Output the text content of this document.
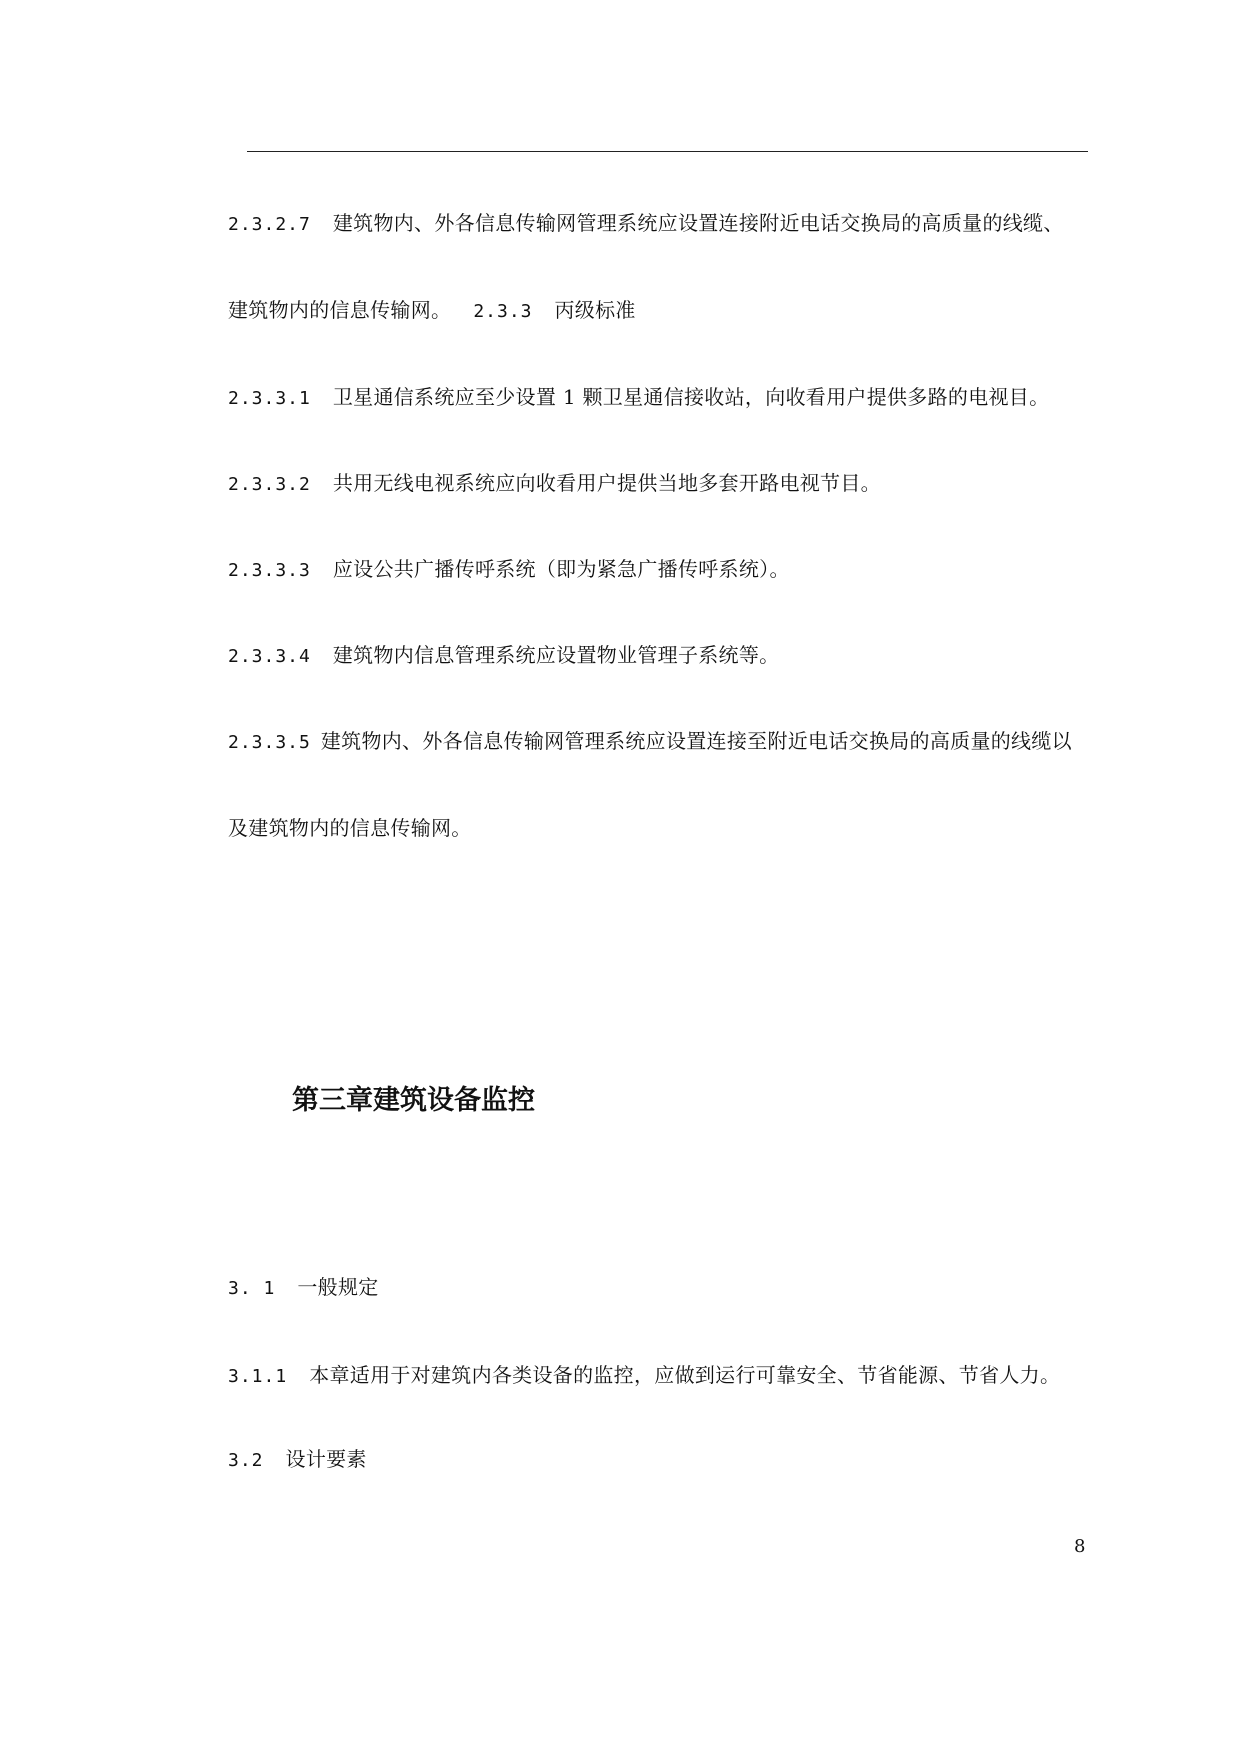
2.3.2.7 建筑物内、外各信息传输网管理系统应设置连接附近电话交换局的高质量的线缆、
建筑物内的信息传输网。 2.3.3 丙级标准
2.3.3.1 卫星通信系统应至少设置 1 颗卫星通信接收站，向收看用户提供多路的电视目。
2.3.3.2 共用无线电视系统应向收看用户提供当地多套开路电视节目。
2.3.3.3 应设公共广播传呼系统（即为紧急广播传呼系统）。
2.3.3.4 建筑物内信息管理系统应设置物业管理子系统等。
2.3.3.5 建筑物内、外各信息传输网管理系统应设置连接至附近电话交换局的高质量的线缆以
及建筑物内的信息传输网。
第三章建筑设备监控
3. 1 一般规定
3.1.1 本章适用于对建筑内各类设备的监控，应做到运行可靠安全、节省能源、节省人力。
3.2 设计要素
8
